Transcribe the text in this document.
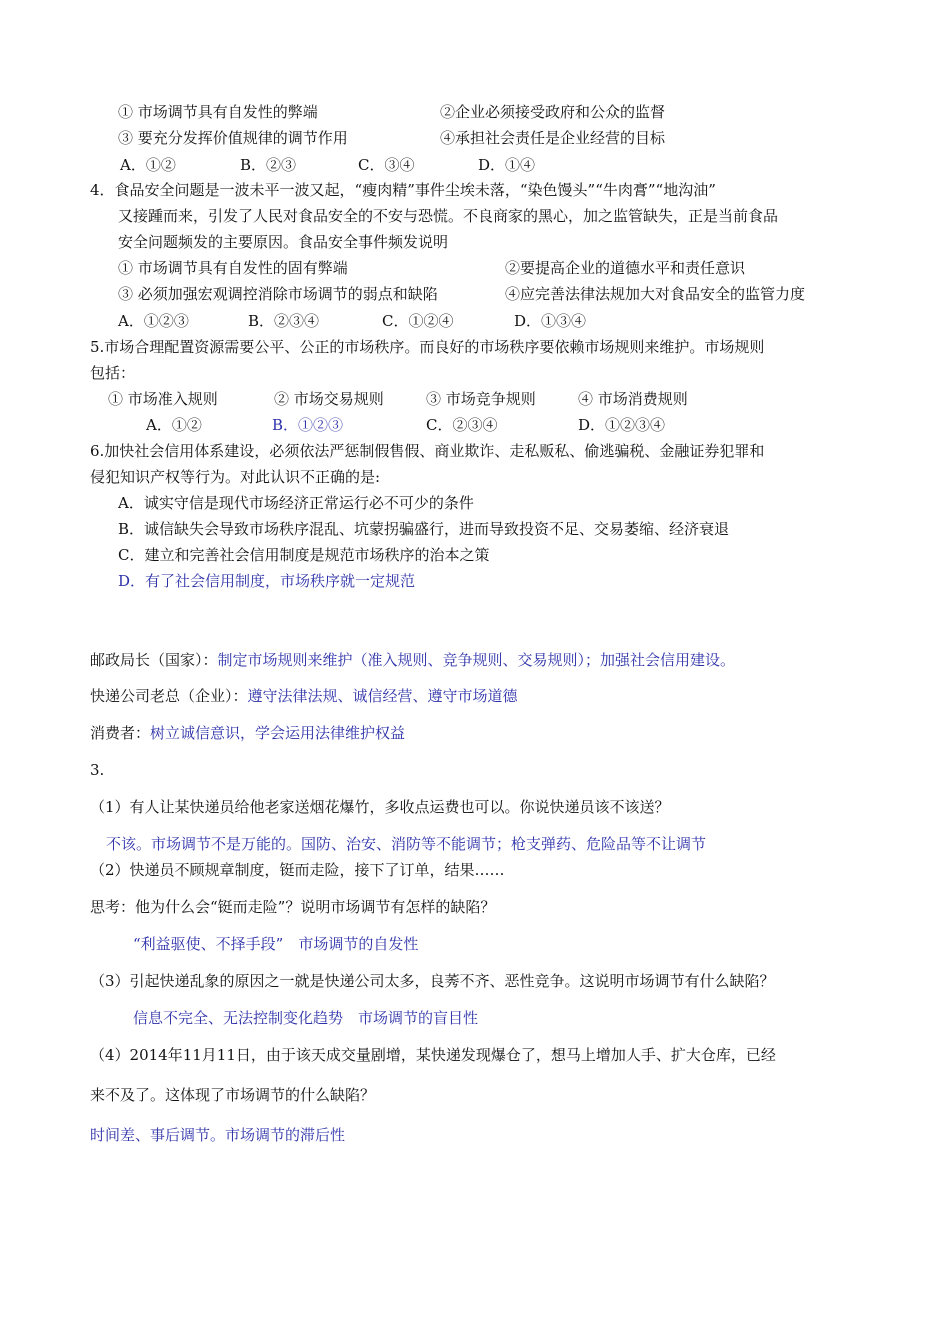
① 市场调节具有自发性的弊端	②企业必须接受政府和公众的监督
③ 要充分发挥价值规律的调节作用	④承担社会责任是企业经营的目标
A．①②	B．②③	C．③④	D．①④
4．食品安全问题是一波未平一波又起，“瘦肉精”事件尘埃未落，“染色馒头”“牛肉膏”“地沟油”
又接踵而来，引发了人民对食品安全的不安与恐慌。不良商家的黑心，加之监管缺失，正是当前食品
安全问题频发的主要原因。食品安全事件频发说明
① 市场调节具有自发性的固有弊端	②要提高企业的道德水平和责任意识
③ 必须加强宏观调控消除市场调节的弱点和缺陷	④应完善法律法规加大对食品安全的监管力度
A．①②③	B．②③④	C．①②④	D．①③④
5.市场合理配置资源需要公平、公正的市场秩序。而良好的市场秩序要依赖市场规则来维护。市场规则
包括：
① 市场准入规则	② 市场交易规则	③ 市场竞争规则	④ 市场消费规则
A．①②	B．①②③	C．②③④	D．①②③④
6.加快社会信用体系建设，必须依法严惩制假售假、商业欺诈、走私贩私、偷逃骗税、金融证券犯罪和
侵犯知识产权等行为。对此认识不正确的是:
A．诚实守信是现代市场经济正常运行必不可少的条件
B．诚信缺失会导致市场秩序混乱、坑蒙拐骗盛行，进而导致投资不足、交易萎缩、经济衰退
C．建立和完善社会信用制度是规范市场秩序的治本之策
D．有了社会信用制度，市场秩序就一定规范
邮政局长（国家）：制定市场规则来维护（准入规则、竞争规则、交易规则）；加强社会信用建设。
快递公司老总（企业）：遵守法律法规、诚信经营、遵守市场道德
消费者：树立诚信意识，学会运用法律维护权益
3.
（1）有人让某快递员给他老家送烟花爆竹，多收点运费也可以。你说快递员该不该送？
不该。市场调节不是万能的。国防、治安、消防等不能调节；枪支弹药、危险品等不让调节
（2）快递员不顾规章制度，铤而走险，接下了订单，结果……
思考：他为什么会“铤而走险”？说明市场调节有怎样的缺陷？
“利益驱使、不择手段”　市场调节的自发性
（3）引起快递乱象的原因之一就是快递公司太多，良莠不齐、恶性竞争。这说明市场调节有什么缺陷？
信息不完全、无法控制变化趋势　市场调节的盲目性
（4）2014年11月11日，由于该天成交量剧增，某快递发现爆仓了，想马上增加人手、扩大仓库，已经
来不及了。这体现了市场调节的什么缺陷？
时间差、事后调节。市场调节的滞后性
